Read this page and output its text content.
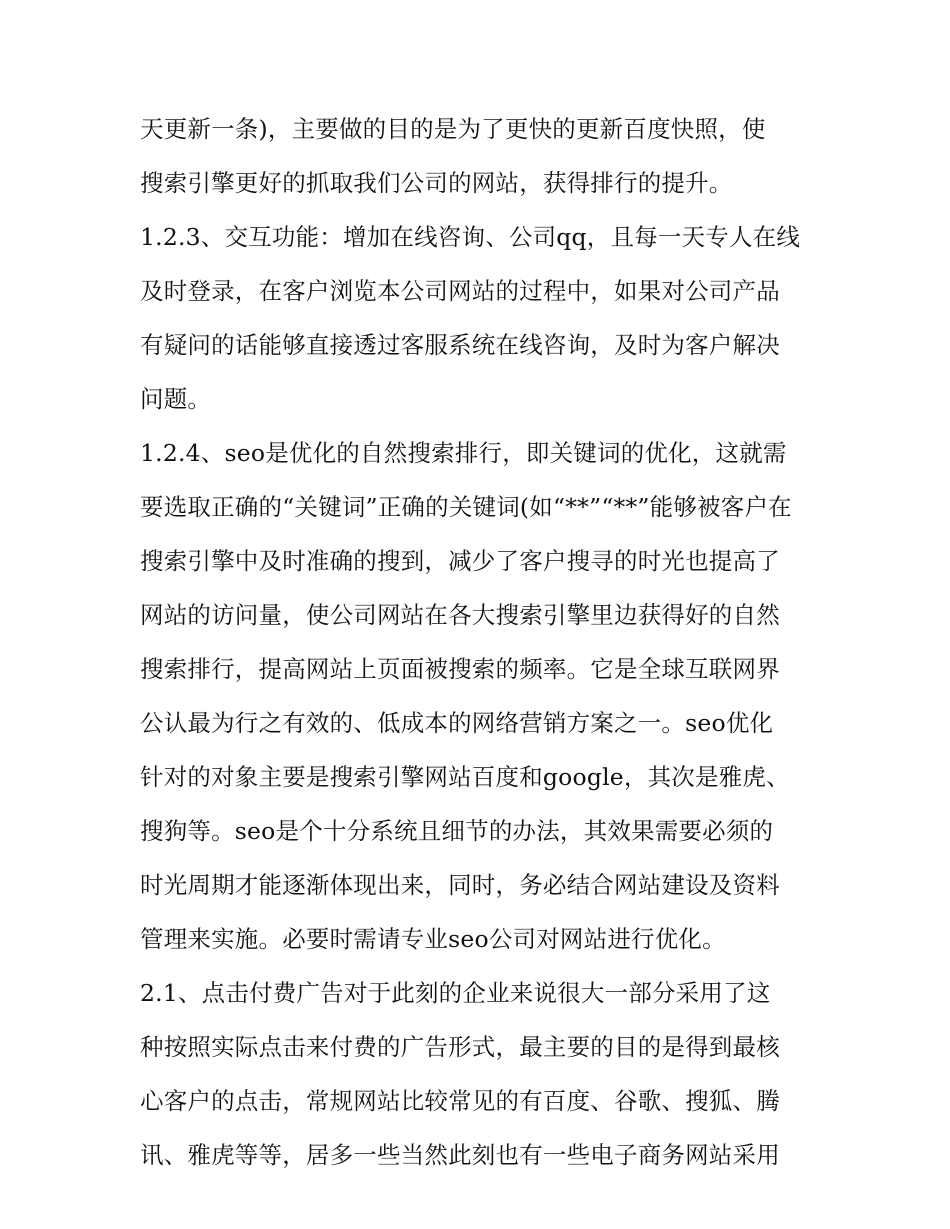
天更新一条)，主要做的目的是为了更快的更新百度快照，使
搜索引擎更好的抓取我们公司的网站，获得排行的提升。
1.2.3、交互功能：增加在线咨询、公司qq，且每一天专人在线
及时登录，在客户浏览本公司网站的过程中，如果对公司产品
有疑问的话能够直接透过客服系统在线咨询，及时为客户解决
问题。
1.2.4、seo是优化的自然搜索排行，即关键词的优化，这就需
要选取正确的“关键词”正确的关键词(如“**”“**”能够被客户在
搜索引擎中及时准确的搜到，减少了客户搜寻的时光也提高了
网站的访问量，使公司网站在各大搜索引擎里边获得好的自然
搜索排行，提高网站上页面被搜索的频率。它是全球互联网界
公认最为行之有效的、低成本的网络营销方案之一。seo优化
针对的对象主要是搜索引擎网站百度和google，其次是雅虎、
搜狗等。seo是个十分系统且细节的办法，其效果需要必须的
时光周期才能逐渐体现出来，同时，务必结合网站建设及资料
管理来实施。必要时需请专业seo公司对网站进行优化。
2.1、点击付费广告对于此刻的企业来说很大一部分采用了这
种按照实际点击来付费的广告形式，最主要的目的是得到最核
心客户的点击，常规网站比较常见的有百度、谷歌、搜狐、腾
讯、雅虎等等，居多一些当然此刻也有一些电子商务网站采用
